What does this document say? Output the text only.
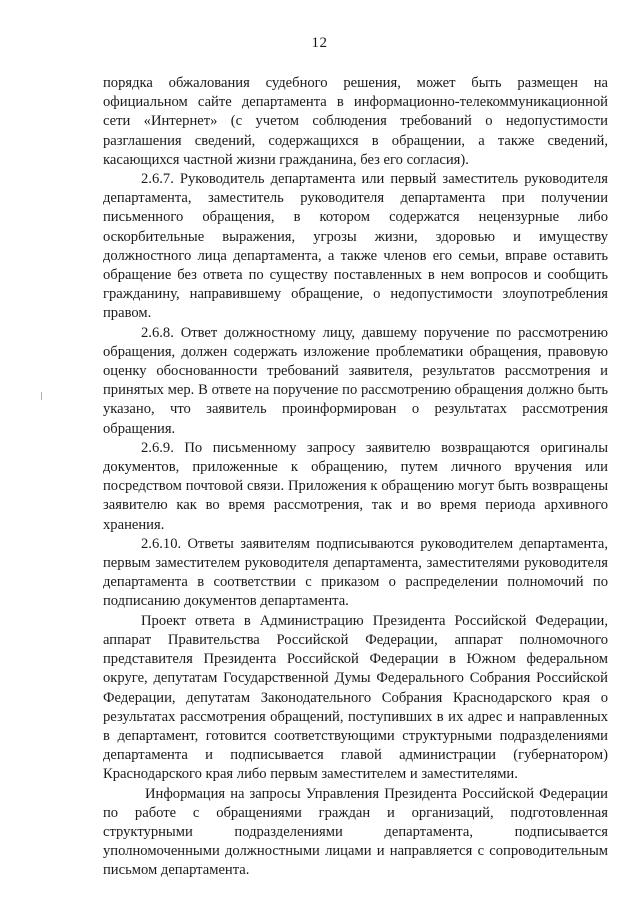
12

порядка обжалования судебного решения, может быть размещен на официальном сайте департамента в информационно-телекоммуникационной сети «Интернет» (с учетом соблюдения требований о недопустимости разглашения сведений, содержащихся в обращении, а также сведений, касающихся частной жизни гражданина, без его согласия).

2.6.7. Руководитель департамента или первый заместитель руководителя департамента, заместитель руководителя департамента при получении письменного обращения, в котором содержатся нецензурные либо оскорбительные выражения, угрозы жизни, здоровью и имуществу должностного лица департамента, а также членов его семьи, вправе оставить обращение без ответа по существу поставленных в нем вопросов и сообщить гражданину, направившему обращение, о недопустимости злоупотребления правом.

2.6.8. Ответ должностному лицу, давшему поручение по рассмотрению обращения, должен содержать изложение проблематики обращения, правовую оценку обоснованности требований заявителя, результатов рассмотрения и принятых мер. В ответе на поручение по рассмотрению обращения должно быть указано, что заявитель проинформирован о результатах рассмотрения обращения.

2.6.9. По письменному запросу заявителю возвращаются оригиналы документов, приложенные к обращению, путем личного вручения или посредством почтовой связи. Приложения к обращению могут быть возвращены заявителю как во время рассмотрения, так и во время периода архивного хранения.

2.6.10. Ответы заявителям подписываются руководителем департамента, первым заместителем руководителя департамента, заместителями руководителя департамента в соответствии с приказом о распределении полномочий по подписанию документов департамента.

Проект ответа в Администрацию Президента Российской Федерации, аппарат Правительства Российской Федерации, аппарат полномочного представителя Президента Российской Федерации в Южном федеральном округе, депутатам Государственной Думы Федерального Собрания Российской Федерации, депутатам Законодательного Собрания Краснодарского края о результатах рассмотрения обращений, поступивших в их адрес и направленных в департамент, готовится соответствующими структурными подразделениями департамента и подписывается главой администрации (губернатором) Краснодарского края либо первым заместителем и заместителями.

Информация на запросы Управления Президента Российской Федерации по работе с обращениями граждан и организаций, подготовленная структурными подразделениями департамента, подписывается уполномоченными должностными лицами и направляется с сопроводительным письмом департамента.
